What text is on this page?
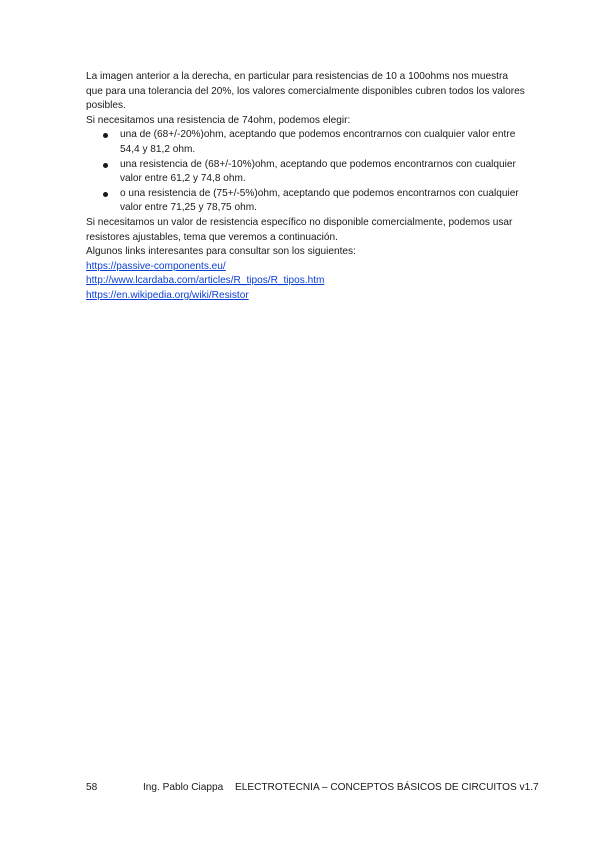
La imagen anterior a la derecha, en particular para resistencias de 10 a 100ohms nos muestra que para una tolerancia del 20%, los valores comercialmente disponibles cubren todos los valores posibles.

Si necesitamos una resistencia de 74ohm, podemos elegir:

una de (68+/-20%)ohm, aceptando que podemos encontrarnos con cualquier valor entre 54,4 y 81,2 ohm.
una resistencia de (68+/-10%)ohm, aceptando que podemos encontrarnos con cualquier valor entre 61,2 y 74,8 ohm.
o una resistencia de (75+/-5%)ohm, aceptando que podemos encontrarnos con cualquier valor entre 71,25 y 78,75 ohm.

Si necesitamos un valor de resistencia específico no disponible comercialmente, podemos usar resistores ajustables, tema que veremos a continuación.

Algunos links interesantes para consultar son los siguientes:

https://passive-components.eu/
http://www.lcardaba.com/articles/R_tipos/R_tipos.htm
https://en.wikipedia.org/wiki/Resistor
58	Ing. Pablo Ciappa ELECTROTECNIA – CONCEPTOS BÁSICOS DE CIRCUITOS v1.7
